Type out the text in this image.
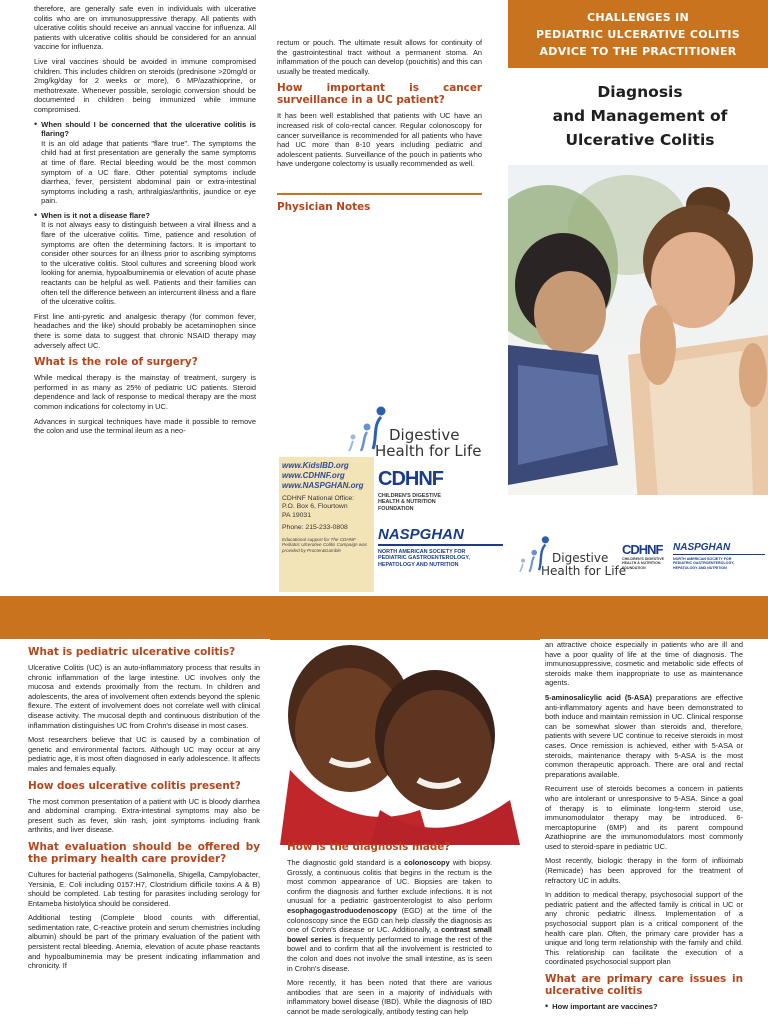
therefore, are generally safe even in individuals with ulcerative colitis who are on immunosuppressive therapy. All patients with ulcerative colitis should receive an annual vaccine for influenza. All patients with ulcerative colitis should be considered for an annual vaccine for influenza.

Live viral vaccines should be avoided in immune compromised children. This includes children on steroids (prednisone >20mg/d or 2mg/kg/day for 2 weeks or more), 6 MP/azathioprine, or methotrexate. Whenever possible, serologic conversion should be documented in children being immunized while immune compromised.

• When should I be concerned that the ulcerative colitis is flaring?
It is an old adage that patients "flare true". The symptoms the child had at first presentation are generally the same symptoms at time of flare. Rectal bleeding would be the most common symptom of a UC flare. Other potential symptoms include diarrhea, fever, persistent abdominal pain or extra-intestinal symptoms including a rash, arthralgias/arthritis, jaundice or eye pain.
• When is it not a disease flare?
It is not always easy to distinguish between a viral illness and a flare of the ulcerative colitis. Time, patience and resolution of symptoms are often the determining factors. It is important to consider other sources for an illness prior to ascribing symptoms to the ulcerative colitis. Stool cultures and screening blood work looking for anemia, hypoalbuminemia or elevation of acute phase reactants can be helpful as well. Patients and their families can often tell the difference between an intercurrent illness and a flare of the ulcerative colitis.

First line anti-pyretic and analgesic therapy (for common fever, headaches and the like) should probably be acetaminophen since there is some data to suggest that chronic NSAID therapy may adversely affect UC.

What is the role of surgery?

While medical therapy is the mainstay of treatment, surgery is performed in as many as 25% of pediatric UC patients. Steroid dependence and lack of response to medical therapy are the most common indications for colectomy in UC.

Advances in surgical techniques have made it possible to remove the colon and use the terminal ileum as a neo-

rectum or pouch. The ultimate result allows for continuity of the gastrointestinal tract without a permanent stoma. An inflammation of the pouch can develop (pouchitis) and this can usually be treated medically.

How important is cancer surveillance in a UC patient?

It has been well established that patients with UC have an increased risk of colo-rectal cancer. Regular colonoscopy for cancer surveillance is recommended for all patients who have had UC more than 8-10 years including pediatric and adolescent patients. Surveillance of the pouch in patients who have undergone colectomy is usually recommended as well.

Physician Notes
Digestive
Health for Life
www.KidsIBD.org
www.CDHNF.org
www.NASPGHAN.org
CDHNF National Office:
P.O. Box 6, Flourtown
PA 19031
Phone: 215-233-0808
Educational support for The CDHNF Pediatric Ulcerative Colitis Campaign was provided by Procter&Gamble
CDHNF
CHILDREN'S DIGESTIVE
HEALTH & NUTRITION
FOUNDATION
NASPGHAN
NORTH AMERICAN SOCIETY FOR
PEDIATRIC GASTROENTEROLOGY,
HEPATOLOGY AND NUTRITION
CHALLENGES IN
PEDIATRIC ULCERATIVE COLITIS
ADVICE TO THE PRACTITIONER
Diagnosis
and Management of
Ulcerative Colitis
Digestive
Health for Life
CDHNF
CHILDREN'S DIGESTIVE
HEALTH & NUTRITION
FOUNDATION
NASPGHAN
NORTH AMERICAN SOCIETY FOR
PEDIATRIC GASTROENTEROLOGY,
HEPATOLOGY AND NUTRITION
What is pediatric ulcerative colitis?

Ulcerative Colitis (UC) is an auto-inflammatory process that results in chronic inflammation of the large intestine. UC involves only the mucosa and extends proximally from the rectum. In children and adolescents, the area of involvement often extends beyond the splenic flexure. The extent of involvement does not correlate well with clinical disease activity. The mucosal depth and continuous distribution of the inflammation distinguishes UC from Crohn's disease in most cases.

Most researchers believe that UC is caused by a combination of genetic and environmental factors. Although UC may occur at any pediatric age, it is most often diagnosed in early adolescence. It affects males and females equally.

How does ulcerative colitis present?

The most common presentation of a patient with UC is bloody diarrhea and abdominal cramping. Extra-intestinal symptoms may also be present such as fever, skin rash, joint symptoms including frank arthritis, and liver disease.

What evaluation should be offered by the primary health care provider?

Cultures for bacterial pathogens (Salmonella, Shigella, Campylobacter, Yersinia, E. Coli including 0157:H7, Clostridium difficile toxins A & B) should be completed. Lab testing for parasites including serology for Entameba histolytica should be considered.

Additional testing (Complete blood counts with differential, sedimentation rate, C-reactive protein and serum chemistries including albumin) should be part of the primary evaluation of the patient with persistent rectal bleeding. Anemia, elevation of acute phase reactants and hypoalbuminemia may be present indicating inflammation and chronicity. If

How is the diagnosis made?

The diagnostic gold standard is a colonoscopy with biopsy. Grossly, a continuous colitis that begins in the rectum is the most common appearance of UC. Biopsies are taken to confirm the diagnosis and further exclude infections. It is not unusual for a pediatric gastroenterologist to also perform esophagogastroduodenoscopy (EGD) at the time of the colonoscopy since the EGD can help classify the diagnosis as one of Crohn's disease or UC. Additionally, a contrast small bowel series is frequently performed to image the rest of the bowel and to confirm that all the involvement is restricted to the colon and does not involve the small intestine, as is seen in Crohn's disease.

More recently, it has been noted that there are various antibodies that are seen in a majority of individuals with inflammatory bowel disease (IBD). While the diagnosis of IBD cannot be made serologically, antibody testing can help

an attractive choice especially in patients who are ill and have a poor quality of life at the time of diagnosis. The immunosuppressive, cosmetic and metabolic side effects of steroids make them inappropriate to use as maintenance agents.

5-aminosalicylic acid (5-ASA) preparations are effective anti-inflammatory agents and have been demonstrated to both induce and maintain remission in UC. Clinical response can be somewhat slower than steroids and, therefore, patients with severe UC continue to receive steroids in most cases. Once remission is achieved, either with 5-ASA or steroids, maintenance therapy with 5-ASA is the most common therapeutic approach. There are oral and rectal preparations available.

Recurrent use of steroids becomes a concern in patients who are intolerant or unresponsive to 5-ASA. Since a goal of therapy is to eliminate long-term steroid use, immunomodulator therapy may be introduced. 6-mercaptopurine (6MP) and its parent compound Azathioprine are the immunomodulators most commonly used to steroid-spare in pediatric UC.

Most recently, biologic therapy in the form of infliximab (Remicade) has been approved for the treatment of refractory UC in adults.

In addition to medical therapy, psychosocial support of the pediatric patient and the affected family is critical in UC or any chronic pediatric illness. Implementation of a psychosocial support plan is a critical component of the health care plan. Often, the primary care provider has a unique and long term relationship with the family and child. This relationship can facilitate the execution of a coordinated psychosocial support plan

What are primary care issues in ulcerative colitis
• How important are vaccines?
